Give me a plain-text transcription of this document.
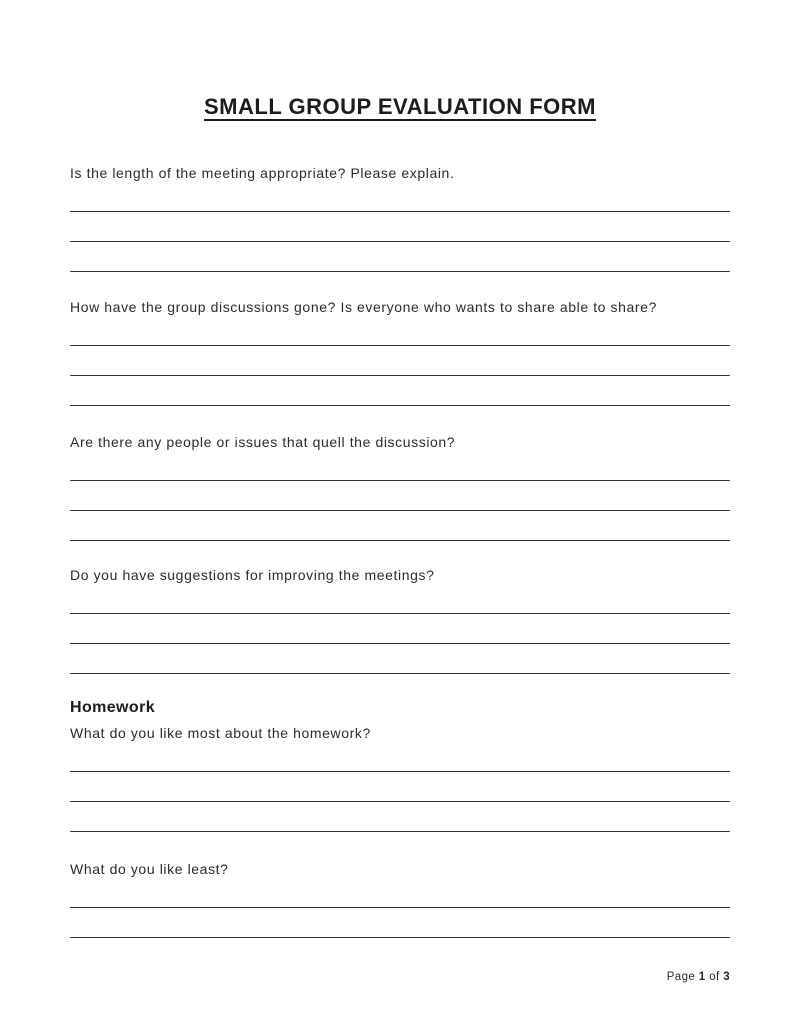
SMALL GROUP EVALUATION FORM
Is the length of the meeting appropriate? Please explain.
How have the group discussions gone? Is everyone who wants to share able to share?
Are there any people or issues that quell the discussion?
Do you have suggestions for improving the meetings?
Homework
What do you like most about the homework?
What do you like least?
Page 1 of 3
